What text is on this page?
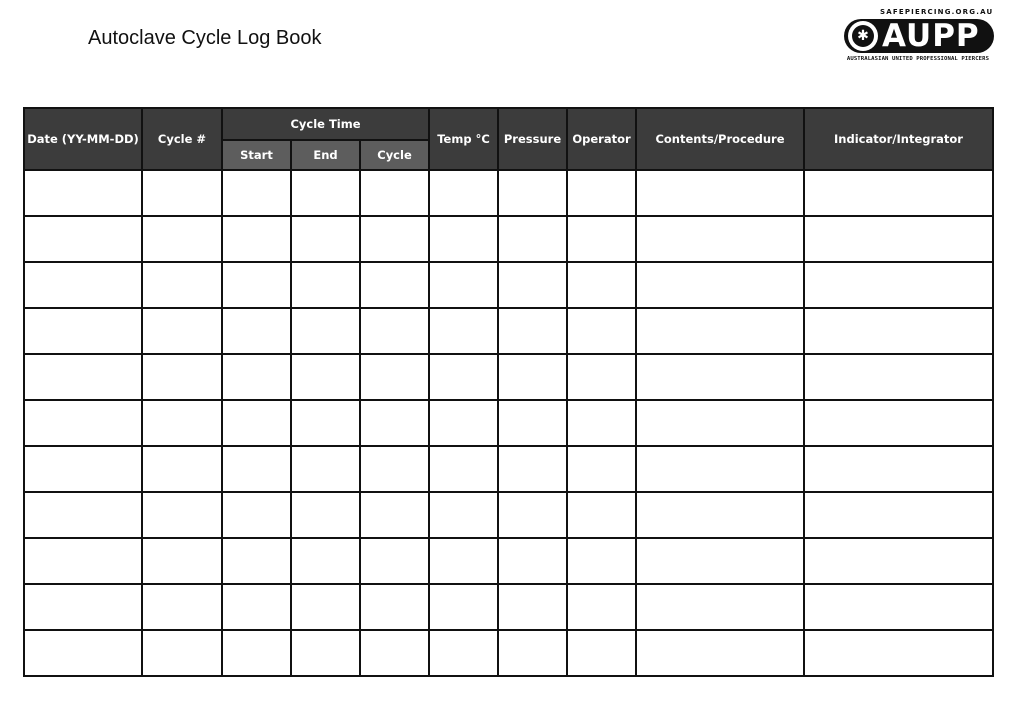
Autoclave Cycle Log Book
SAFEPIERCING.ORG.AU
✱ AUPP
AUSTRALASIAN UNITED PROFESSIONAL PIERCERS
Date (YY-MM-DD)	Cycle #	Cycle Time			Temp °C	Pressure	Operator	Contents/Procedure	Indicator/Integrator
		Start	End	Cycle					
